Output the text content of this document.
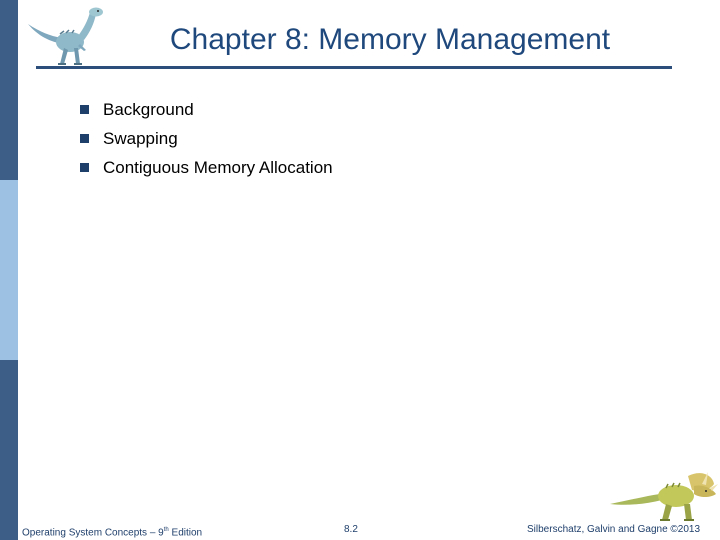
Chapter 8: Memory Management
Background
Swapping
Contiguous Memory Allocation
Operating System Concepts – 9th Edition	8.2	Silberschatz, Galvin and Gagne ©2013
